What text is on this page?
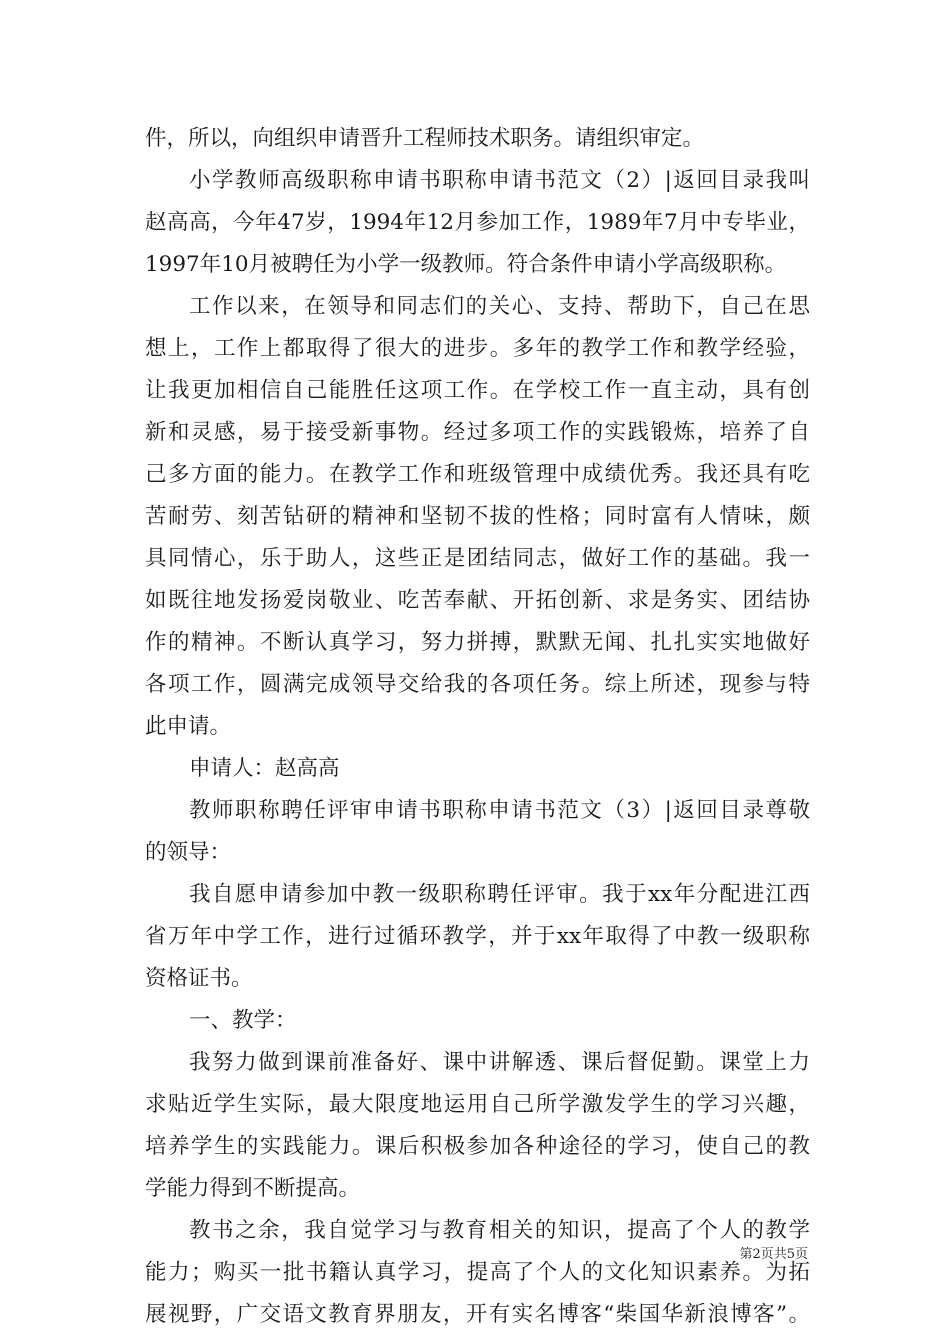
件，所以，向组织申请晋升工程师技术职务。请组织审定。
小学教师高级职称申请书职称申请书范文（2）|返回目录我叫
赵高高，今年47岁，1994年12月参加工作，1989年7月中专毕业，
1997年10月被聘任为小学一级教师。符合条件申请小学高级职称。
工作以来，在领导和同志们的关心、支持、帮助下，自己在思
想上，工作上都取得了很大的进步。多年的教学工作和教学经验，
让我更加相信自己能胜任这项工作。在学校工作一直主动，具有创
新和灵感，易于接受新事物。经过多项工作的实践锻炼，培养了自
己多方面的能力。在教学工作和班级管理中成绩优秀。我还具有吃
苦耐劳、刻苦钻研的精神和坚韧不拔的性格；同时富有人情味，颇
具同情心，乐于助人，这些正是团结同志，做好工作的基础。我一
如既往地发扬爱岗敬业、吃苦奉献、开拓创新、求是务实、团结协
作的精神。不断认真学习，努力拼搏，默默无闻、扎扎实实地做好
各项工作，圆满完成领导交给我的各项任务。综上所述，现参与特
此申请。
申请人：赵高高
教师职称聘任评审申请书职称申请书范文（3）|返回目录尊敬
的领导：
我自愿申请参加中教一级职称聘任评审。我于xx年分配进江西
省万年中学工作，进行过循环教学，并于xx年取得了中教一级职称
资格证书。
一、教学：
我努力做到课前准备好、课中讲解透、课后督促勤。课堂上力
求贴近学生实际，最大限度地运用自己所学激发学生的学习兴趣，
培养学生的实践能力。课后积极参加各种途径的学习，使自己的教
学能力得到不断提高。
教书之余，我自觉学习与教育相关的知识，提高了个人的教学
能力；购买一批书籍认真学习，提高了个人的文化知识素养。为拓
展视野，广交语文教育界朋友，开有实名博客“柴国华新浪博客”。
第2页共5页
